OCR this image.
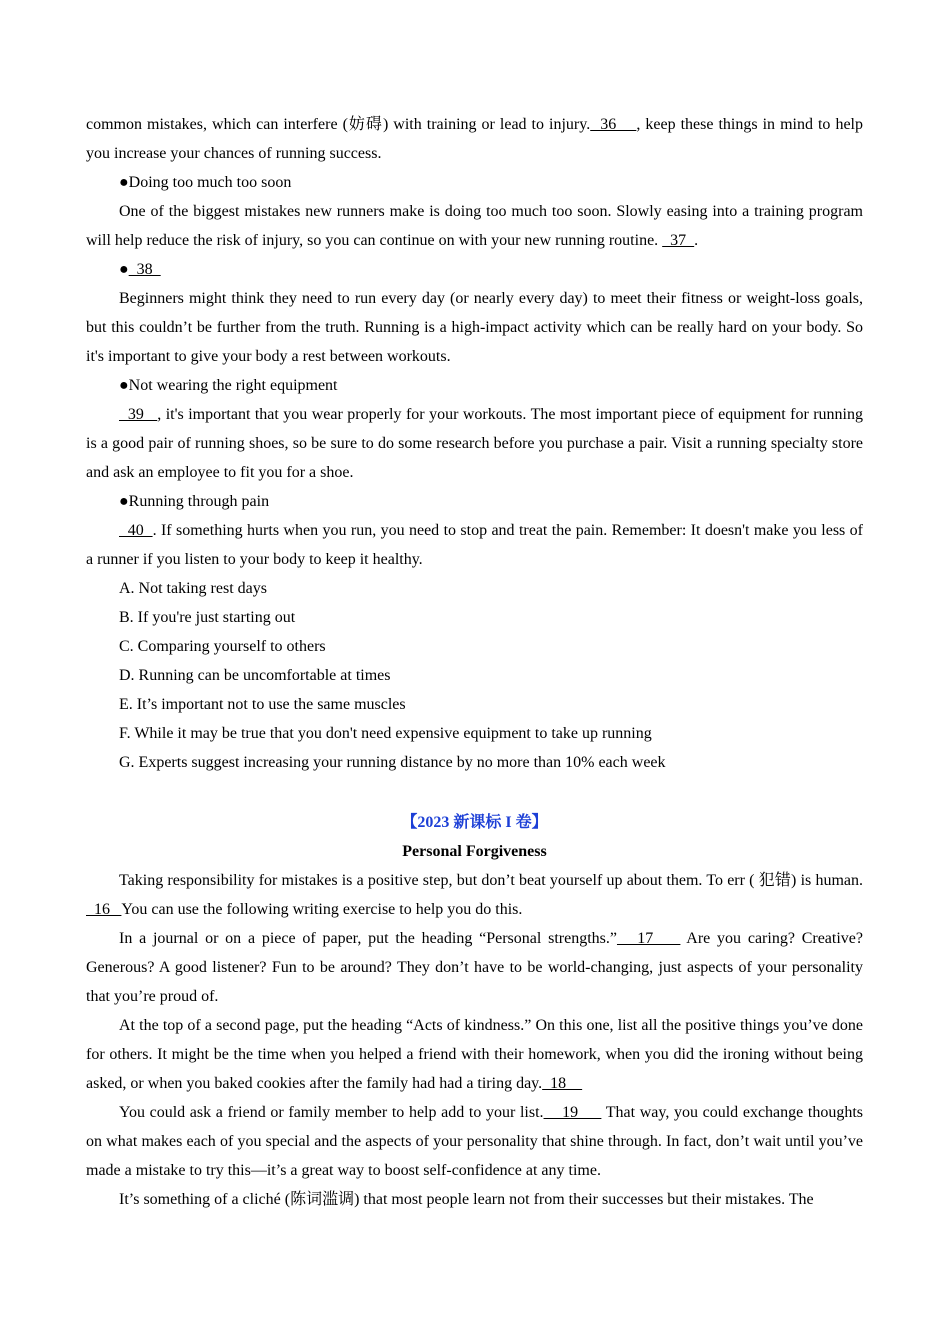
common mistakes, which can interfere (妨碍) with training or lead to injury.  36    , keep these things in mind to help you increase your chances of running success.

●Doing too much too soon

One of the biggest mistakes new runners make is doing too much too soon. Slowly easing into a training program will help reduce the risk of injury, so you can continue on with your new running routine.   37  .

●  38

Beginners might think they need to run every day (or nearly every day) to meet their fitness or weight-loss goals, but this couldn’t be further from the truth. Running is a high-impact activity which can be really hard on your body. So it's important to give your body a rest between workouts.

●Not wearing the right equipment

39   , it's important that you wear properly for your workouts. The most important piece of equipment for running is a good pair of running shoes, so be sure to do some research before you purchase a pair. Visit a running specialty store and ask an employee to fit you for a shoe.

●Running through pain

40  . If something hurts when you run, you need to stop and treat the pain. Remember: It doesn't make you less of a runner if you listen to your body to keep it healthy.

A. Not taking rest days

B. If you're just starting out

C. Comparing yourself to others

D. Running can be uncomfortable at times

E. It’s important not to use the same muscles

F. While it may be true that you don't need expensive equipment to take up running

G. Experts suggest increasing your running distance by no more than 10% each week

【2023 新课标 I 卷】

Personal Forgiveness

Taking responsibility for mistakes is a positive step, but don’t beat yourself up about them. To err ( 犯错) is human.   16   You can use the following writing exercise to help you do this.

In a journal or on a piece of paper, put the heading “Personal strengths.”   17     Are you caring? Creative? Generous? A good listener? Fun to be around? They don’t have to be world-changing, just aspects of your personality that you’re proud of.

At the top of a second page, put the heading “Acts of kindness.” On this one, list all the positive things you’ve done for others. It might be the time when you helped a friend with their homework, when you did the ironing without being asked, or when you baked cookies after the family had had a tiring day.  18

You could ask a friend or family member to help add to your list.    19      That way, you could exchange thoughts on what makes each of you special and the aspects of your personality that shine through. In fact, don’t wait until you’ve made a mistake to try this—it’s a great way to boost self-confidence at any time.

It’s something of a cliché (陈词滥调) that most people learn not from their successes but their mistakes. The
